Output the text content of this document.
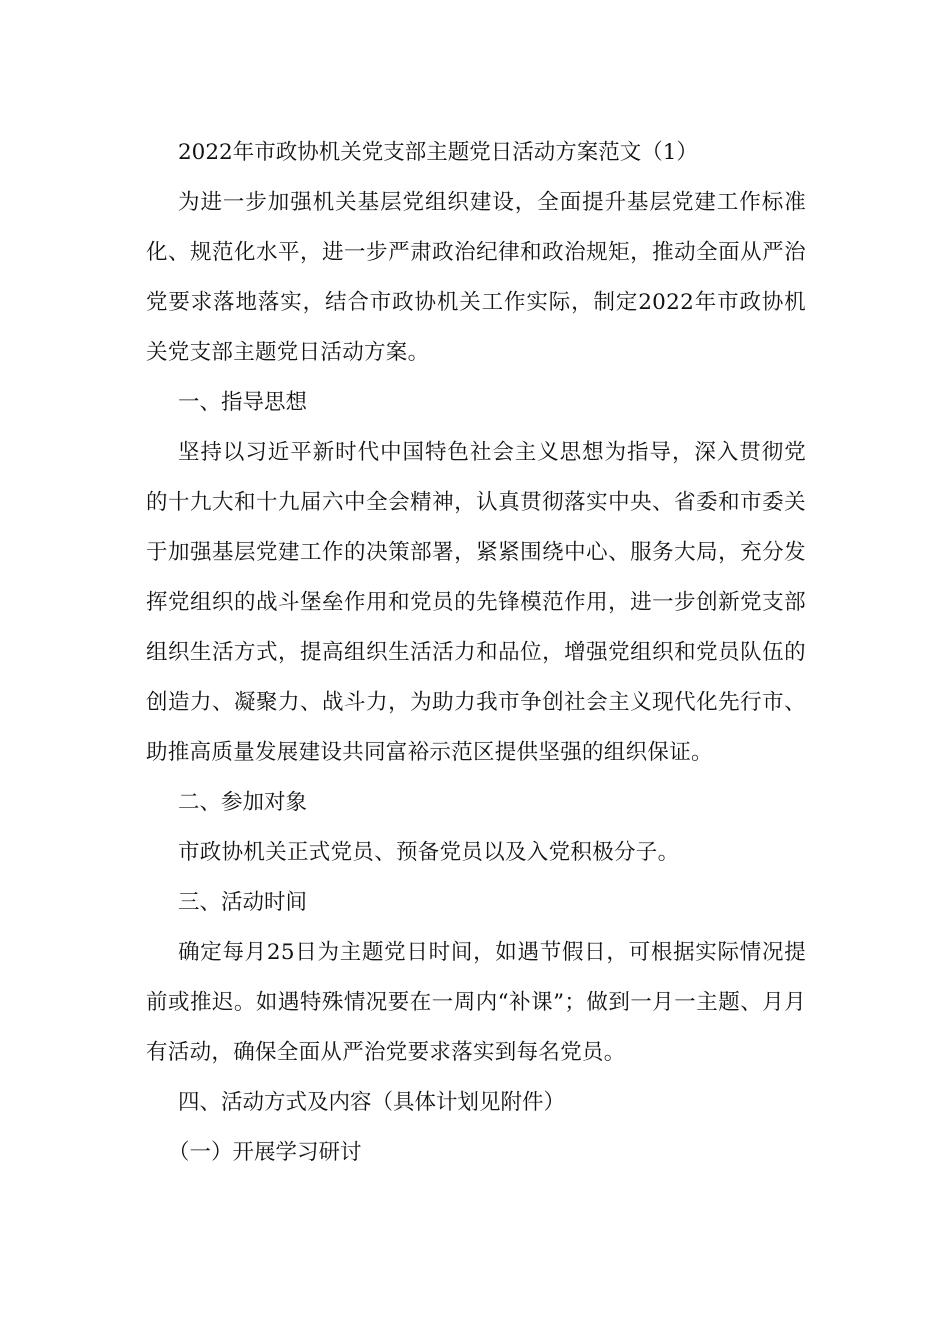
2022年市政协机关党支部主题党日活动方案范文（1）

为进一步加强机关基层党组织建设，全面提升基层党建工作标准化、规范化水平，进一步严肃政治纪律和政治规矩，推动全面从严治党要求落地落实，结合市政协机关工作实际，制定2022年市政协机关党支部主题党日活动方案。

一、指导思想

坚持以习近平新时代中国特色社会主义思想为指导，深入贯彻党的十九大和十九届六中全会精神，认真贯彻落实中央、省委和市委关于加强基层党建工作的决策部署，紧紧围绕中心、服务大局，充分发挥党组织的战斗堡垒作用和党员的先锋模范作用，进一步创新党支部组织生活方式，提高组织生活活力和品位，增强党组织和党员队伍的创造力、凝聚力、战斗力，为助力我市争创社会主义现代化先行市、助推高质量发展建设共同富裕示范区提供坚强的组织保证。

二、参加对象

市政协机关正式党员、预备党员以及入党积极分子。

三、活动时间

确定每月25日为主题党日时间，如遇节假日，可根据实际情况提前或推迟。如遇特殊情况要在一周内“补课”；做到一月一主题、月月有活动，确保全面从严治党要求落实到每名党员。

四、活动方式及内容（具体计划见附件）

（一）开展学习研讨
